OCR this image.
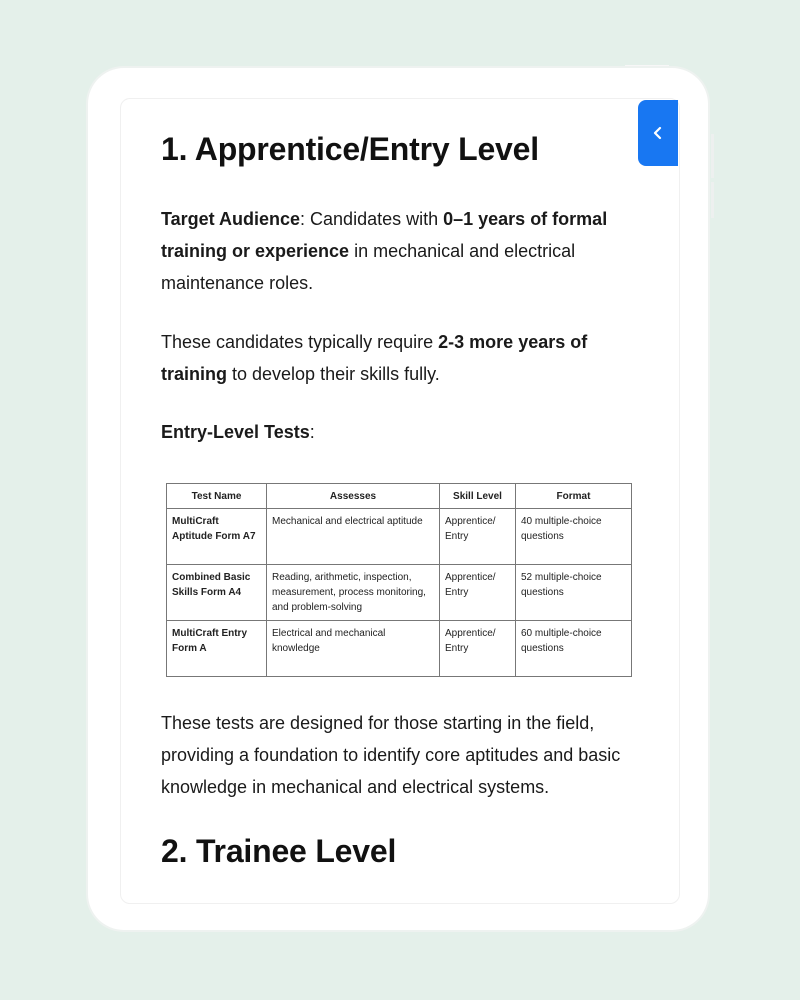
1. Apprentice/Entry Level

Target Audience: Candidates with 0–1 years of formal training or experience in mechanical and electrical maintenance roles.

These candidates typically require 2-3 more years of training to develop their skills fully.

Entry-Level Tests:

Test Name	Assesses	Skill Level	Format
MultiCraft Aptitude Form A7	Mechanical and electrical aptitude	Apprentice/ Entry	40 multiple-choice questions
Combined Basic Skills Form A4	Reading, arithmetic, inspection, measurement, process monitoring, and problem-solving	Apprentice/ Entry	52 multiple-choice questions
MultiCraft Entry Form A	Electrical and mechanical knowledge	Apprentice/ Entry	60 multiple-choice questions

These tests are designed for those starting in the field, providing a foundation to identify core aptitudes and basic knowledge in mechanical and electrical systems.

2. Trainee Level
